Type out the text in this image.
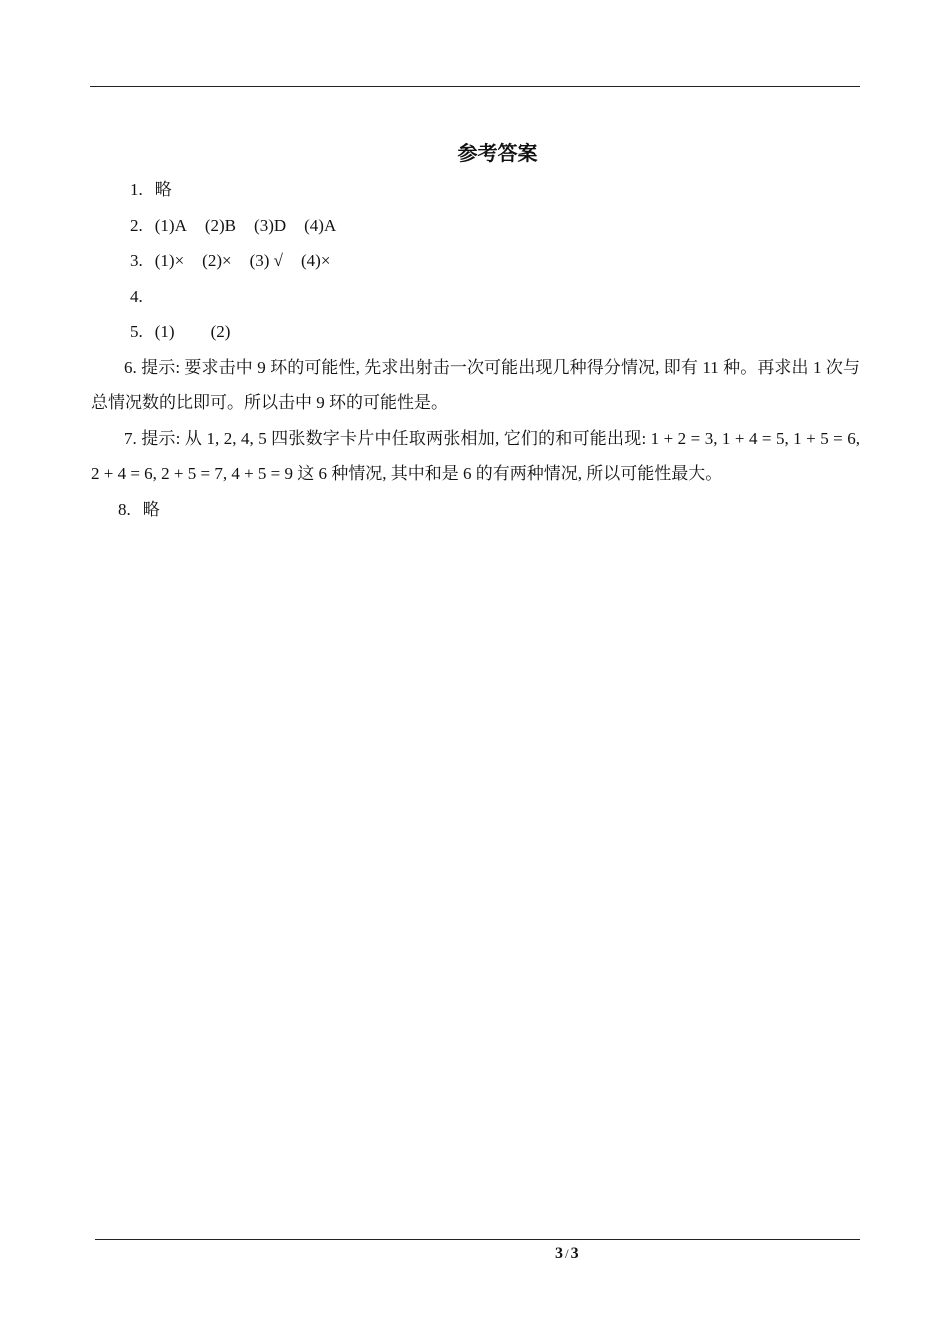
参考答案
1. 略
2. (1)A (2)B (3)D (4)A
3. (1)× (2)× (3) √ (4)×
4.
5. (1) (2)
6. 提示: 要求击中 9 环的可能性, 先求出射击一次可能出现几种得分情况, 即有 11 种。再求出 1 次与总情况数的比即可。所以击中 9 环的可能性是。
7. 提示: 从 1, 2, 4, 5 四张数字卡片中任取两张相加, 它们的和可能出现: 1 + 2 = 3, 1 + 4 = 5, 1 + 5 = 6, 2 + 4 = 6, 2 + 5 = 7, 4 + 5 = 9 这 6 种情况, 其中和是 6 的有两种情况, 所以可能性最大。
8. 略
3 / 3
